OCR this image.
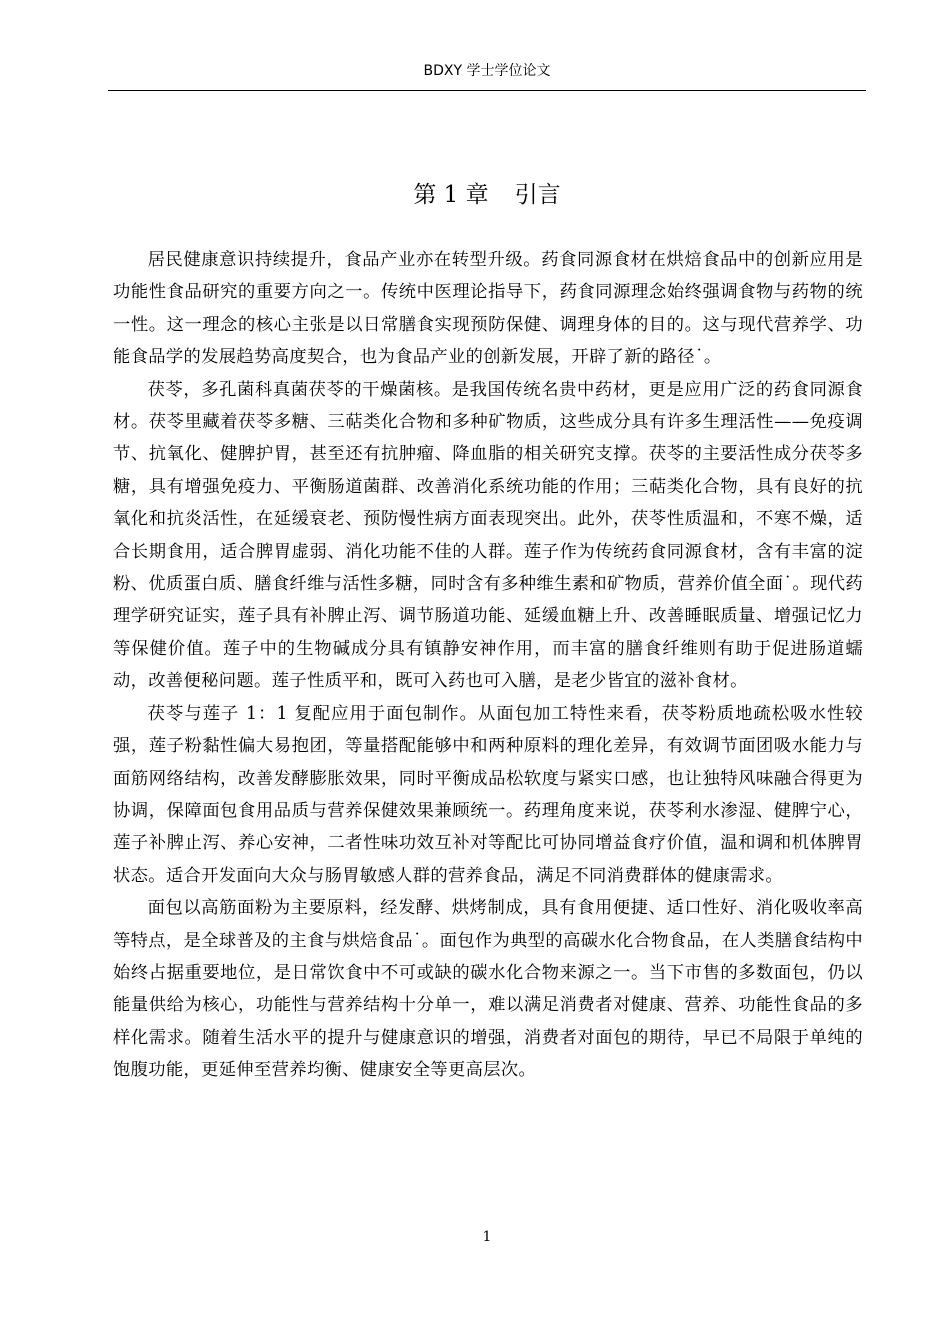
BDXY 学士学位论文
第 1 章 引言

居民健康意识持续提升，食品产业亦在转型升级。药食同源食材在烘焙食品中的创新应用是功能性食品研究的重要方向之一。传统中医理论指导下，药食同源理念始终强调食物与药物的统一性。这一理念的核心主张是以日常膳食实现预防保健、调理身体的目的。这与现代营养学、功能食品学的发展趋势高度契合，也为食品产业的创新发展，开辟了新的路径˙。

茯苓，多孔菌科真菌茯苓的干燥菌核。是我国传统名贵中药材，更是应用广泛的药食同源食材。茯苓里藏着茯苓多糖、三萜类化合物和多种矿物质，这些成分具有许多生理活性——免疫调节、抗氧化、健脾护胃，甚至还有抗肿瘤、降血脂的相关研究支撑。茯苓的主要活性成分茯苓多糖，具有增强免疫力、平衡肠道菌群、改善消化系统功能的作用；三萜类化合物，具有良好的抗氧化和抗炎活性，在延缓衰老、预防慢性病方面表现突出。此外，茯苓性质温和，不寒不燥，适合长期食用，适合脾胃虚弱、消化功能不佳的人群。莲子作为传统药食同源食材，含有丰富的淀粉、优质蛋白质、膳食纤维与活性多糖，同时含有多种维生素和矿物质，营养价值全面˙。现代药理学研究证实，莲子具有补脾止泻、调节肠道功能、延缓血糖上升、改善睡眠质量、增强记忆力等保健价值。莲子中的生物碱成分具有镇静安神作用，而丰富的膳食纤维则有助于促进肠道蠕动，改善便秘问题。莲子性质平和，既可入药也可入膳，是老少皆宜的滋补食材。

茯苓与莲子 1：1 复配应用于面包制作。从面包加工特性来看，茯苓粉质地疏松吸水性较强，莲子粉黏性偏大易抱团，等量搭配能够中和两种原料的理化差异，有效调节面团吸水能力与面筋网络结构，改善发酵膨胀效果，同时平衡成品松软度与紧实口感，也让独特风味融合得更为协调，保障面包食用品质与营养保健效果兼顾统一。药理角度来说，茯苓利水渗湿、健脾宁心，莲子补脾止泻、养心安神，二者性味功效互补对等配比可协同增益食疗价值，温和调和机体脾胃状态。适合开发面向大众与肠胃敏感人群的营养食品，满足不同消费群体的健康需求。

面包以高筋面粉为主要原料，经发酵、烘烤制成，具有食用便捷、适口性好、消化吸收率高等特点，是全球普及的主食与烘焙食品˙。面包作为典型的高碳水化合物食品，在人类膳食结构中始终占据重要地位，是日常饮食中不可或缺的碳水化合物来源之一。当下市售的多数面包，仍以能量供给为核心，功能性与营养结构十分单一，难以满足消费者对健康、营养、功能性食品的多样化需求。随着生活水平的提升与健康意识的增强，消费者对面包的期待，早已不局限于单纯的饱腹功能，更延伸至营养均衡、健康安全等更高层次。

1
